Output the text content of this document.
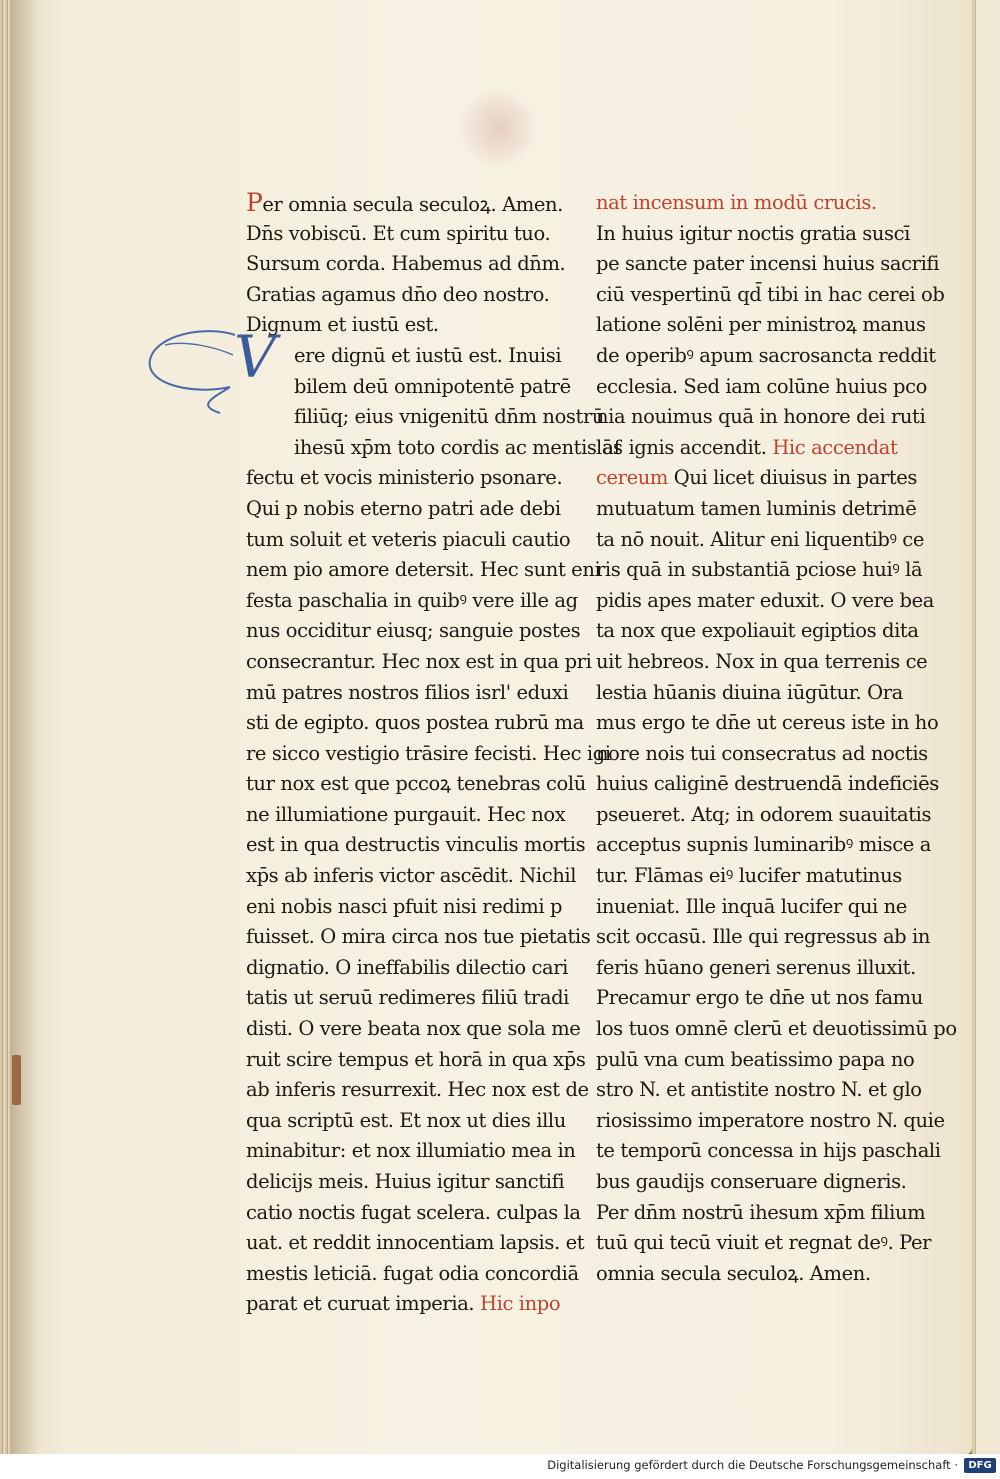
V
Per omnia secula seculoꝝ. Amen.
Dn̄s vobiscū. Et cum spiritu tuo.
Sursum corda. Habemus ad dn̄m.
Gratias agamus dn̄o deo nostro.
Dignum et iustū est.
ere dignū et iustū est. Inuisi
bilem deū omnipotentē patrē
filiūq; eius vnigenitū dn̄m nostrū
ihesū xp̄m toto cordis ac mentis af
fectu et vocis ministerio psonare.
Qui p nobis eterno patri ade debi
tum soluit et veteris piaculi cautio
nem pio amore detersit. Hec sunt eni
festa paschalia in quibꝰ vere ille ag
nus occiditur eiusq; sanguie postes
consecrantur. Hec nox est in qua pri
mū patres nostros filios isrl' eduxi
sti de egipto. quos postea rubrū ma
re sicco vestigio trāsire fecisti. Hec igi
tur nox est que pccoꝝ tenebras colū
ne illumiatione purgauit. Hec nox
est in qua destructis vinculis mortis
xp̄s ab inferis victor ascēdit. Nichil
eni nobis nasci pfuit nisi redimi p
fuisset. O mira circa nos tue pietatis
dignatio. O ineffabilis dilectio cari
tatis ut seruū redimeres filiū tradi
disti. O vere beata nox que sola me
ruit scire tempus et horā in qua xp̄s
ab inferis resurrexit. Hec nox est de
qua scriptū est. Et nox ut dies illu
minabitur: et nox illumiatio mea in
delicijs meis. Huius igitur sanctifi
catio noctis fugat scelera. culpas la
uat. et reddit innocentiam lapsis. et
mestis leticiā. fugat odia concordiā
parat et curuat imperia. Hic inpo
nat incensum in modū crucis.
In huius igitur noctis gratia suscī
pe sancte pater incensi huius sacrifi
ciū vespertinū qd̄ tibi in hac cerei ob
latione solēni per ministroꝝ manus
de operibꝰ apum sacrosancta reddit
ecclesia. Sed iam colūne huius pco
nia nouimus quā in honore dei ruti
lās ignis accendit. Hic accendat
cereum Qui licet diuisus in partes
mutuatum tamen luminis detrimē
ta nō nouit. Alitur eni liquentibꝰ ce
ris quā in substantiā pciose huiꝰ lā
pidis apes mater eduxit. O vere bea
ta nox que expoliauit egiptios dita
uit hebreos. Nox in qua terrenis ce
lestia hūanis diuina iūgūtur. Ora
mus ergo te dn̄e ut cereus iste in ho
nore nois tui consecratus ad noctis
huius caliginē destruendā indeficiēs
pseueret. Atq; in odorem suauitatis
acceptus supnis luminaribꝰ misce a
tur. Flāmas eiꝰ lucifer matutinus
inueniat. Ille inquā lucifer qui ne
scit occasū. Ille qui regressus ab in
feris hūano generi serenus illuxit.
Precamur ergo te dn̄e ut nos famu
los tuos omnē clerū et deuotissimū po
pulū vna cum beatissimo papa no
stro N. et antistite nostro N. et glo
riosissimo imperatore nostro N. quie
te temporū concessa in hijs paschali
bus gaudijs conseruare digneris.
Per dn̄m nostrū ihesum xp̄m filium
tuū qui tecū viuit et regnat deꝰ. Per
omnia secula seculoꝝ. Amen.
Digitalisierung gefördert durch die Deutsche Forschungsgemeinschaft ·	DFG
